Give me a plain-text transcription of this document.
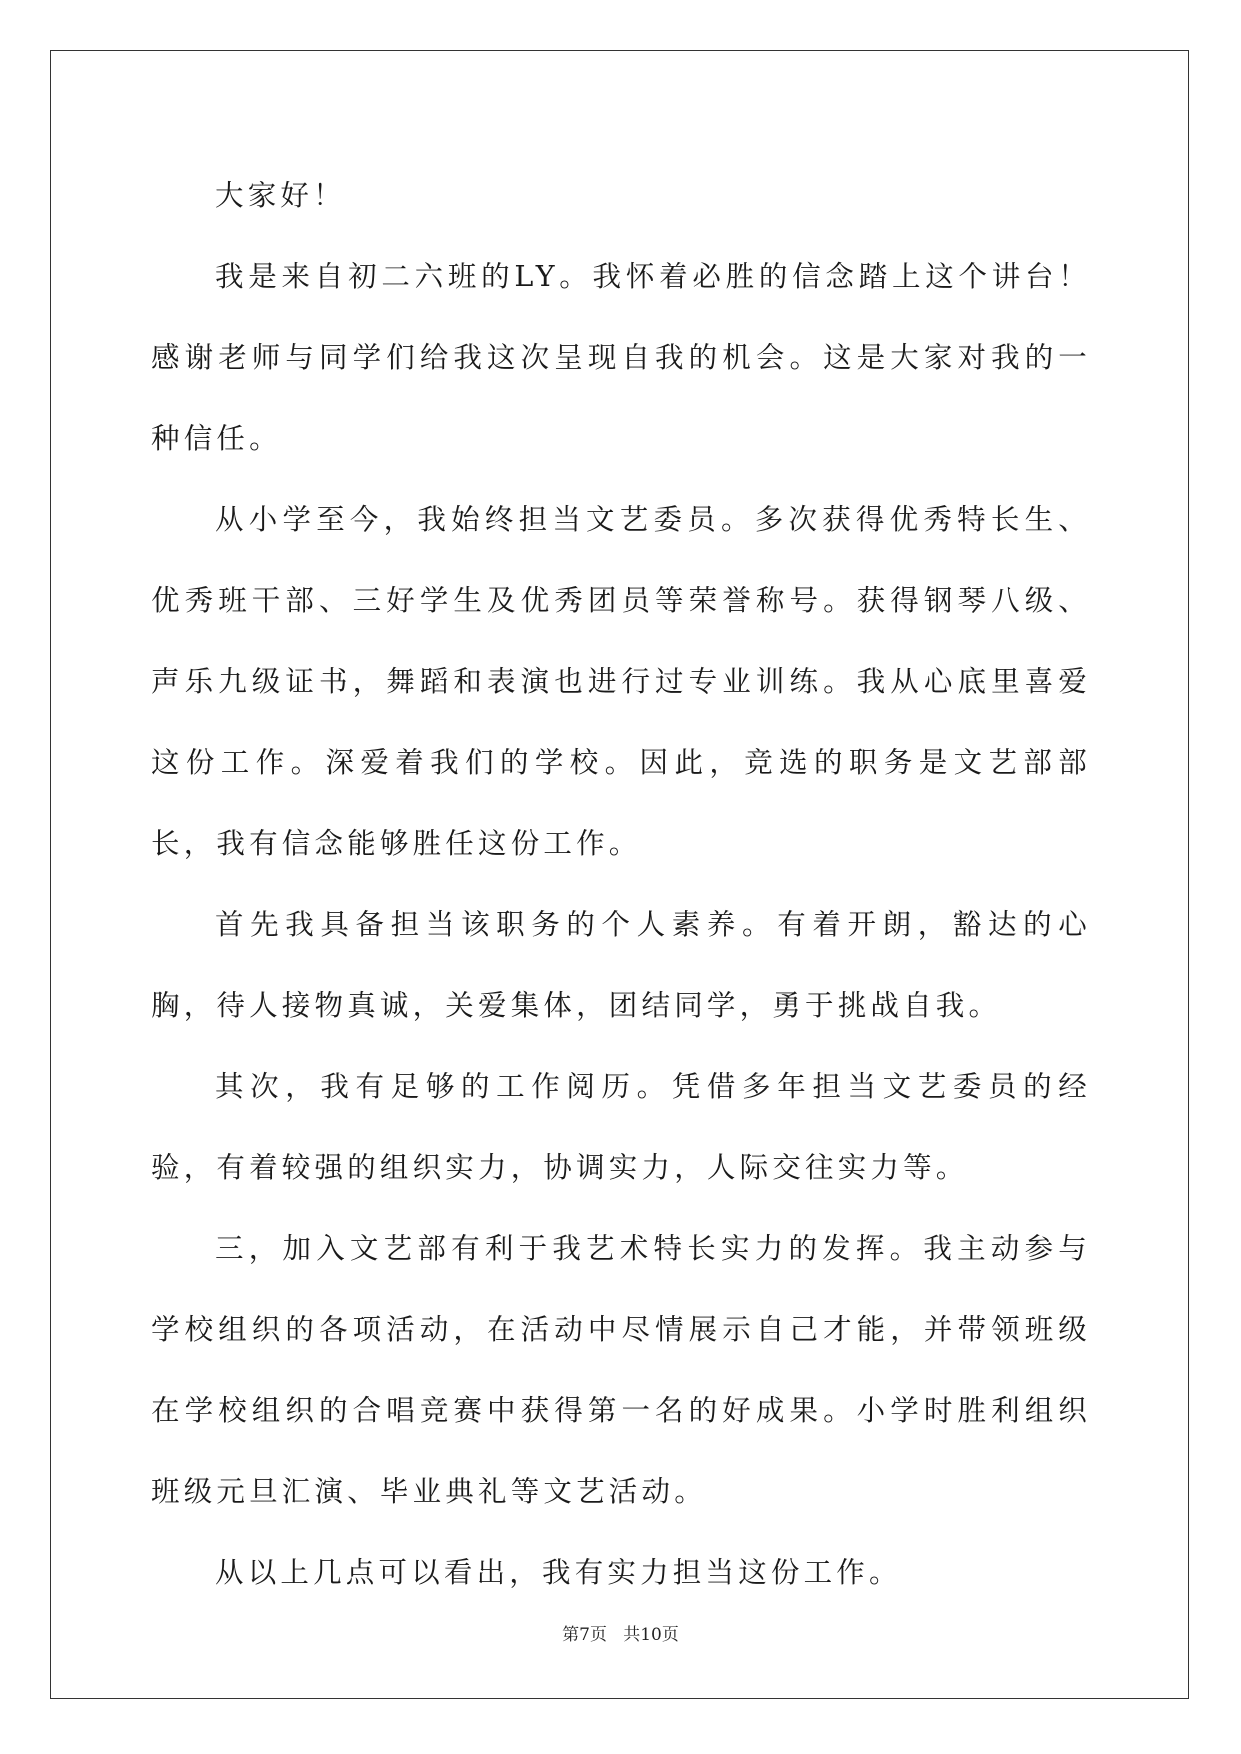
大家好！

我是来自初二六班的LY。我怀着必胜的信念踏上这个讲台！感谢老师与同学们给我这次呈现自我的机会。这是大家对我的一种信任。

从小学至今，我始终担当文艺委员。多次获得优秀特长生、优秀班干部、三好学生及优秀团员等荣誉称号。获得钢琴八级、声乐九级证书，舞蹈和表演也进行过专业训练。我从心底里喜爱这份工作。深爱着我们的学校。因此，竞选的职务是文艺部部长，我有信念能够胜任这份工作。

首先我具备担当该职务的个人素养。有着开朗，豁达的心胸，待人接物真诚，关爱集体，团结同学，勇于挑战自我。

其次，我有足够的工作阅历。凭借多年担当文艺委员的经验，有着较强的组织实力，协调实力，人际交往实力等。

三，加入文艺部有利于我艺术特长实力的发挥。我主动参与学校组织的各项活动，在活动中尽情展示自己才能，并带领班级在学校组织的合唱竞赛中获得第一名的好成果。小学时胜利组织班级元旦汇演、毕业典礼等文艺活动。

从以上几点可以看出，我有实力担当这份工作。

第7页 共10页
